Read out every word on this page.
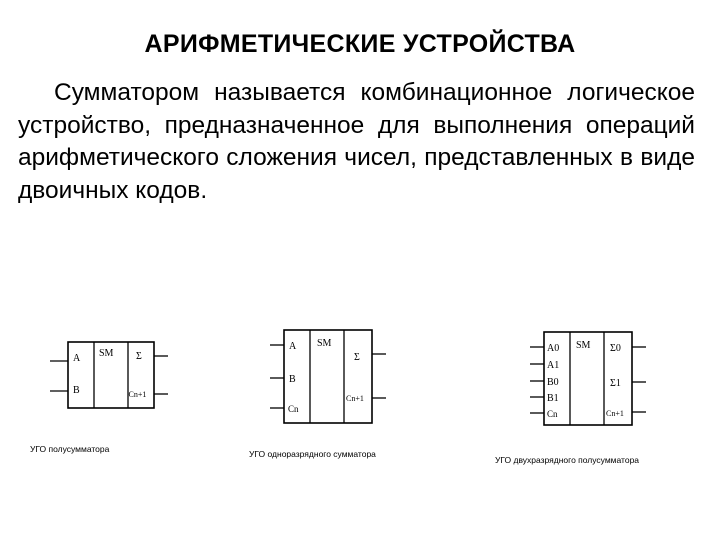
АРИФМЕТИЧЕСКИЕ УСТРОЙСТВА
Сумматором называется комбинационное логическое устройство, предназначенное для выполнения операций арифметического сложения чисел, представленных в виде двоичных кодов.
A
B
SM Σ
Cn+1
УГО полусумматора
A
B
Cn
SM
Σ
Cn+1
УГО одноразрядного сумматора
A0
A1
B0
B1
Cn
SM Σ0
Σ1
Cn+1
УГО двухразрядного полусумматора
